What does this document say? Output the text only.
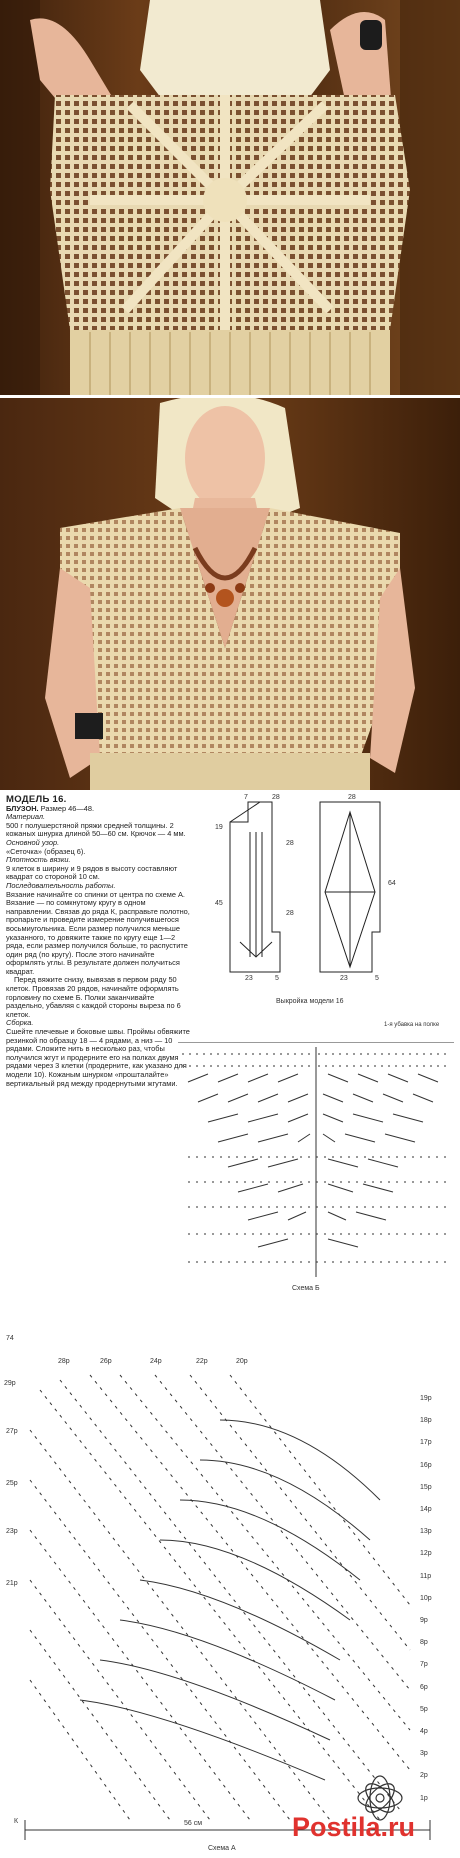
МОДЕЛЬ 16.

БЛУЗОН. Размер 46—48.

Материал.

500 г полушерстяной пряжи средней толщины. 2 кожаных шнурка длиной 50—60 см. Крючок — 4 мм.

Основной узор.

«Сеточка» (образец 6).

Плотность вязки.

9 клеток в ширину и 9 рядов в высоту составляют квадрат со стороной 10 см.

Последовательность работы.

Вязание начинайте со спинки от центра по схеме А. Вязание — по сомкнутому кругу в одном направлении. Связав до ряда К, расправьте полотно, пропарьте и проведите измерение получившегося восьмиугольника. Если размер получился меньше указанного, то довяжите также по кругу еще 1—2 ряда, если размер получился больше, то распустите один ряд (по кругу). После этого начинайте оформлять углы. В результате должен получиться квадрат.

Перед вяжите снизу, вывязав в первом ряду 50 клеток. Провязав 20 рядов, начинайте оформлять горловину по схеме Б. Полки заканчивайте раздельно, убавляя с каждой стороны выреза по 6 клеток.

Сборка.

Сшейте плечевые и боковые швы. Проймы обвяжите резинкой по образцу 18 — 4 рядами, а низ — 10 рядами. Сложите нить в несколько раз, чтобы получился жгут и продерните его на полках двумя рядами через 3 клетки (продерните, как указано для модели 10). Кожаным шнурком «прошталайте» вертикальный ряд между продернутыми жгутами.

7	28
19
45
28
28
23	5
28
64
23	5
Выкройка модели 16
1-я убавка на полке
Схема Б
74
28р	26р	24р	22р	20р
29р
27р
25р
23р
21р
19р
18р
17р
16р
15р
14р
13р
12р
11р
10р
9р
8р
7р
6р
5р
4р
3р
2р
1р
К	56 см
Схема А
Postila.ru
